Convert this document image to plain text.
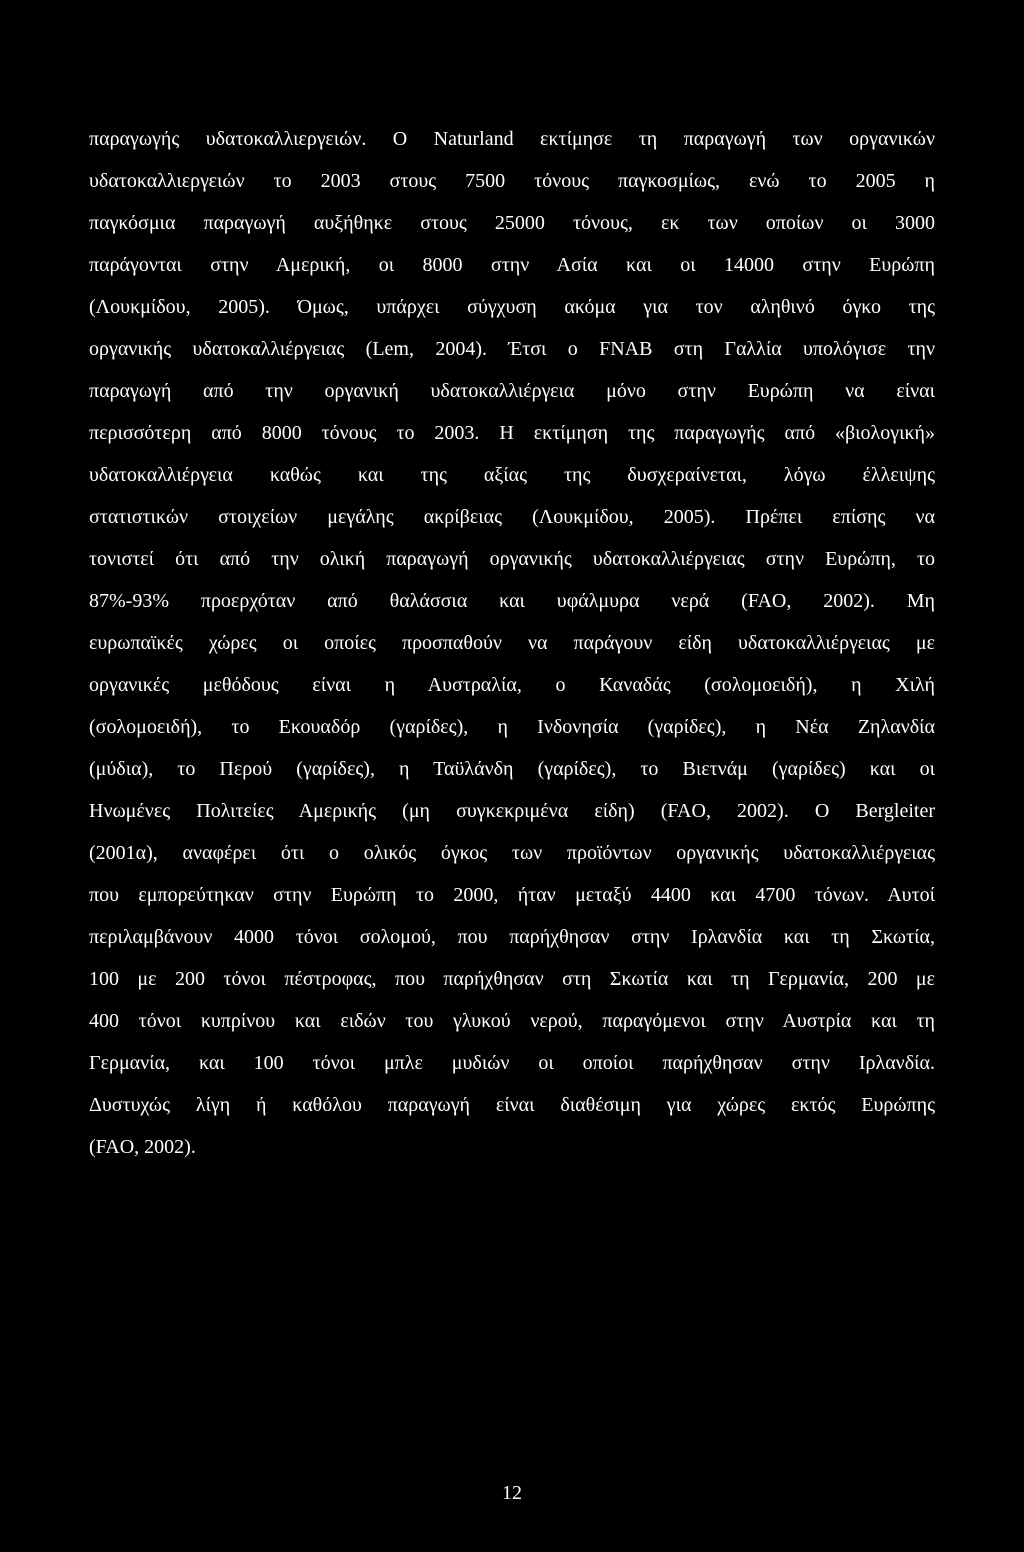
παραγωγής υδατοκαλλιεργειών. Ο Naturland εκτίμησε τη παραγωγή των οργανικών
υδατοκαλλιεργειών το 2003 στους 7500 τόνους παγκοσμίως, ενώ το 2005 η
παγκόσμια παραγωγή αυξήθηκε στους 25000 τόνους, εκ των οποίων οι 3000
παράγονται στην Αμερική, οι 8000 στην Ασία και οι 14000 στην Ευρώπη
(Λουκμίδου, 2005). Όμως, υπάρχει σύγχυση ακόμα για τον αληθινό όγκο της
οργανικής υδατοκαλλιέργειας (Lem, 2004). Έτσι ο FNAB στη Γαλλία υπολόγισε την
παραγωγή από την οργανική υδατοκαλλιέργεια μόνο στην Ευρώπη να είναι
περισσότερη από 8000 τόνους το 2003. Η εκτίμηση της παραγωγής από «βιολογική»
υδατοκαλλιέργεια καθώς και της αξίας της δυσχεραίνεται, λόγω έλλειψης
στατιστικών στοιχείων μεγάλης ακρίβειας (Λουκμίδου, 2005). Πρέπει επίσης να
τονιστεί ότι από την ολική παραγωγή οργανικής υδατοκαλλιέργειας στην Ευρώπη, το
87%-93% προερχόταν από θαλάσσια και υφάλμυρα νερά (FAO, 2002). Μη
ευρωπαϊκές χώρες οι οποίες προσπαθούν να παράγουν είδη υδατοκαλλιέργειας με
οργανικές μεθόδους είναι η Αυστραλία, ο Καναδάς (σολομοειδή), η Χιλή
(σολομοειδή), το Εκουαδόρ (γαρίδες), η Ινδονησία (γαρίδες), η Νέα Ζηλανδία
(μύδια), το Περού (γαρίδες), η Ταϋλάνδη (γαρίδες), το Βιετνάμ (γαρίδες) και οι
Ηνωμένες Πολιτείες Αμερικής (μη συγκεκριμένα είδη) (FAO, 2002). Ο Bergleiter
(2001α), αναφέρει ότι ο ολικός όγκος των προϊόντων οργανικής υδατοκαλλιέργειας
που εμπορεύτηκαν στην Ευρώπη το 2000, ήταν μεταξύ 4400 και 4700 τόνων. Αυτοί
περιλαμβάνουν 4000 τόνοι σολομού, που παρήχθησαν στην Ιρλανδία και τη Σκωτία,
100 με 200 τόνοι πέστροφας, που παρήχθησαν στη Σκωτία και τη Γερμανία, 200 με
400 τόνοι κυπρίνου και ειδών του γλυκού νερού, παραγόμενοι στην Αυστρία και τη
Γερμανία, και 100 τόνοι μπλε μυδιών οι οποίοι παρήχθησαν στην Ιρλανδία.
Δυστυχώς λίγη ή καθόλου παραγωγή είναι διαθέσιμη για χώρες εκτός Ευρώπης
(FAO, 2002).
12
